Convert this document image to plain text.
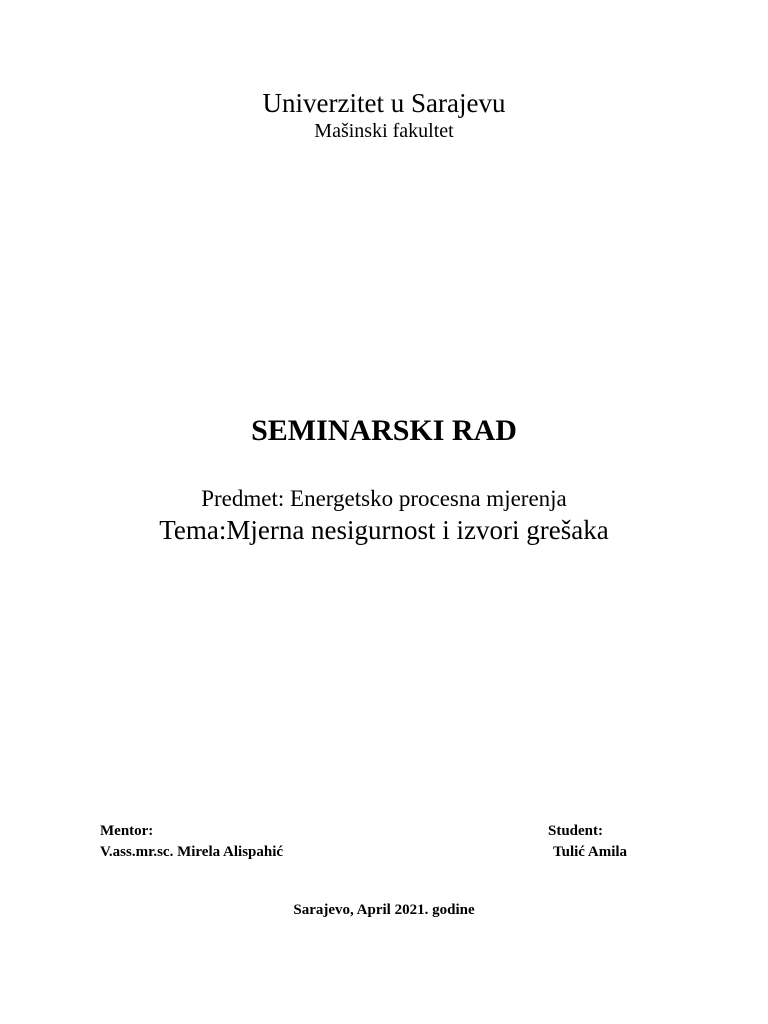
Univerzitet u Sarajevu
Mašinski fakultet
SEMINARSKI RAD
Predmet: Energetsko procesna mjerenja
Tema:Mjerna nesigurnost i izvori grešaka
Mentor:
V.ass.mr.sc. Mirela Alispahić
Student:
Tulić Amila
Sarajevo, April 2021. godine
